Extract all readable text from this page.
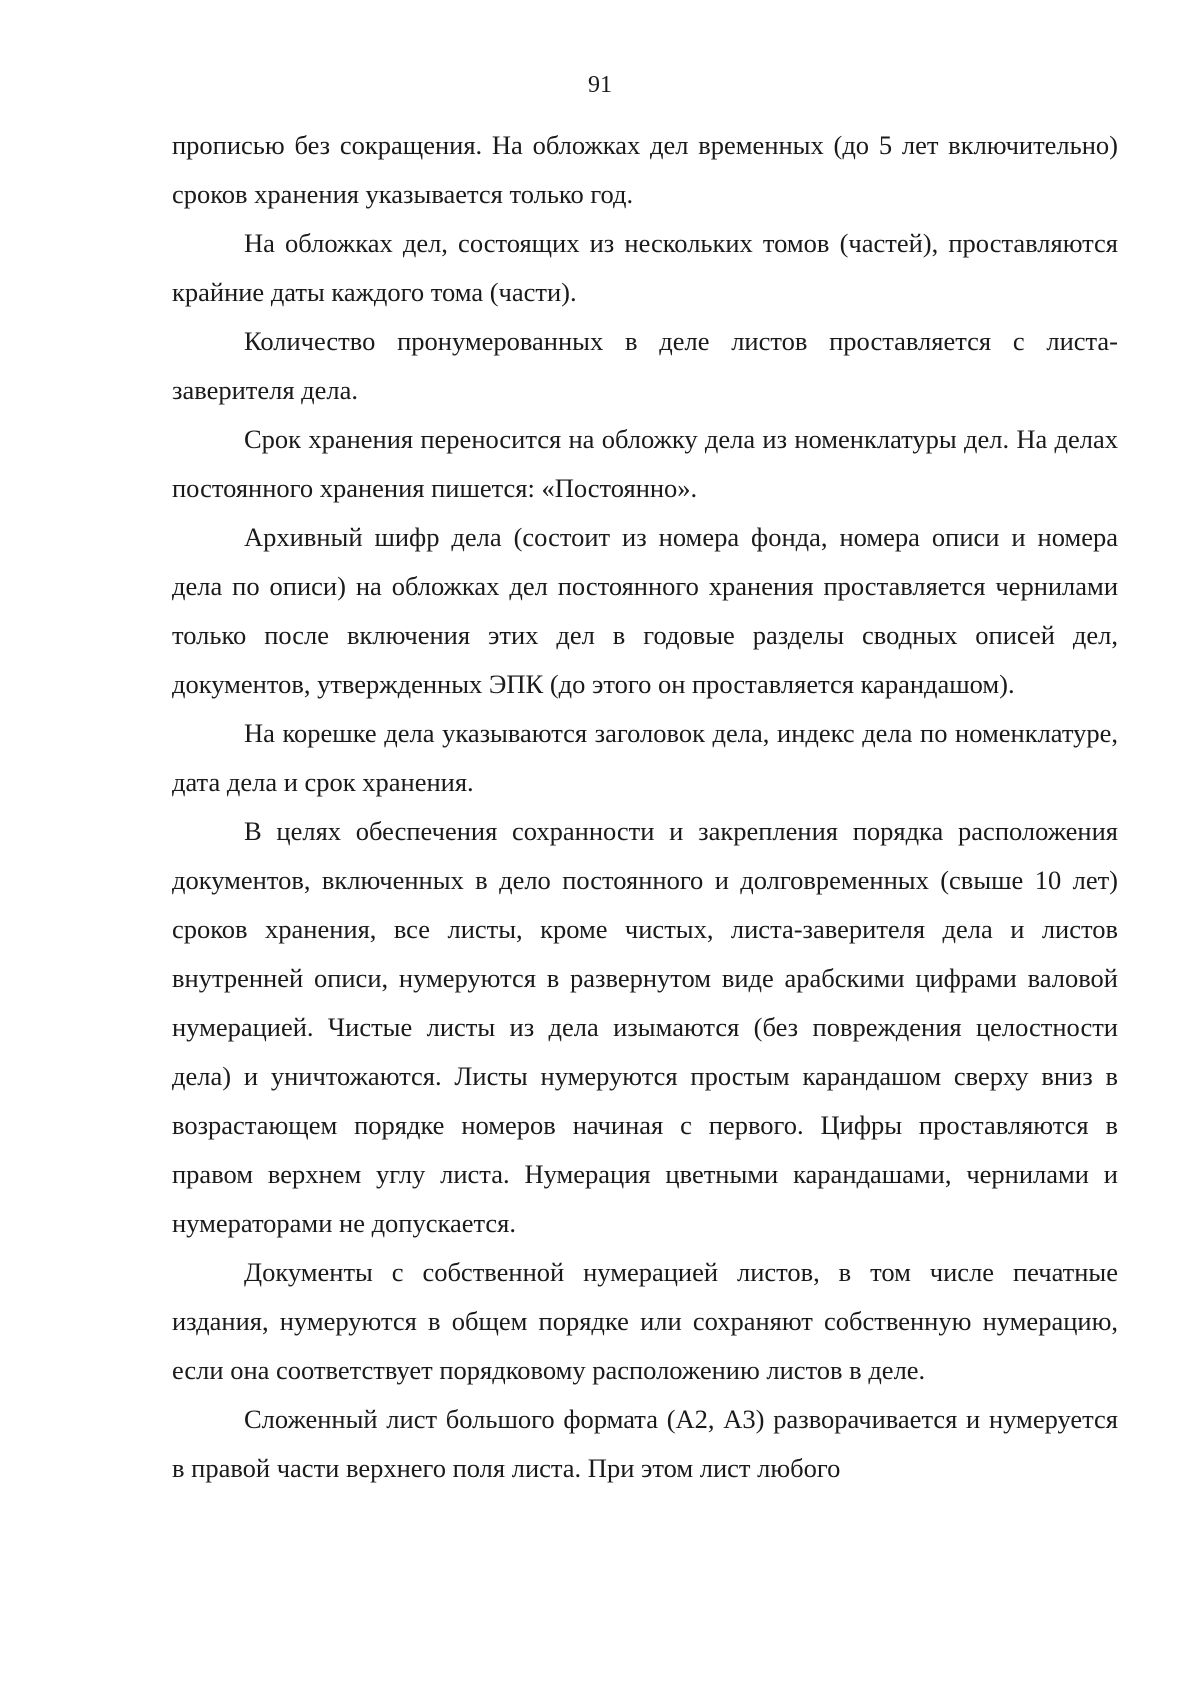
91

прописью без сокращения. На обложках дел временных (до 5 лет включительно) сроков хранения указывается только год.

На обложках дел, состоящих из нескольких томов (частей), проставляются крайние даты каждого тома (части).

Количество пронумерованных в деле листов проставляется с листа-заверителя дела.

Срок хранения переносится на обложку дела из номенклатуры дел. На делах постоянного хранения пишется: «Постоянно».

Архивный шифр дела (состоит из номера фонда, номера описи и номера дела по описи) на обложках дел постоянного хранения проставляется чернилами только после включения этих дел в годовые разделы сводных описей дел, документов, утвержденных ЭПК (до этого он проставляется карандашом).

На корешке дела указываются заголовок дела, индекс дела по номенклатуре, дата дела и срок хранения.

В целях обеспечения сохранности и закрепления порядка расположения документов, включенных в дело постоянного и долговременных (свыше 10 лет) сроков хранения, все листы, кроме чистых, листа-заверителя дела и листов внутренней описи, нумеруются в развернутом виде арабскими цифрами валовой нумерацией. Чистые листы из дела изымаются (без повреждения целостности дела) и уничтожаются. Листы нумеруются простым карандашом сверху вниз в возрастающем порядке номеров начиная с первого. Цифры проставляются в правом верхнем углу листа. Нумерация цветными карандашами, чернилами и нумераторами не допускается.

Документы с собственной нумерацией листов, в том числе печатные издания, нумеруются в общем порядке или сохраняют собственную нумерацию, если она соответствует порядковому расположению листов в деле.

Сложенный лист большого формата (А2, А3) разворачивается и нумеруется в правой части верхнего поля листа. При этом лист любого
